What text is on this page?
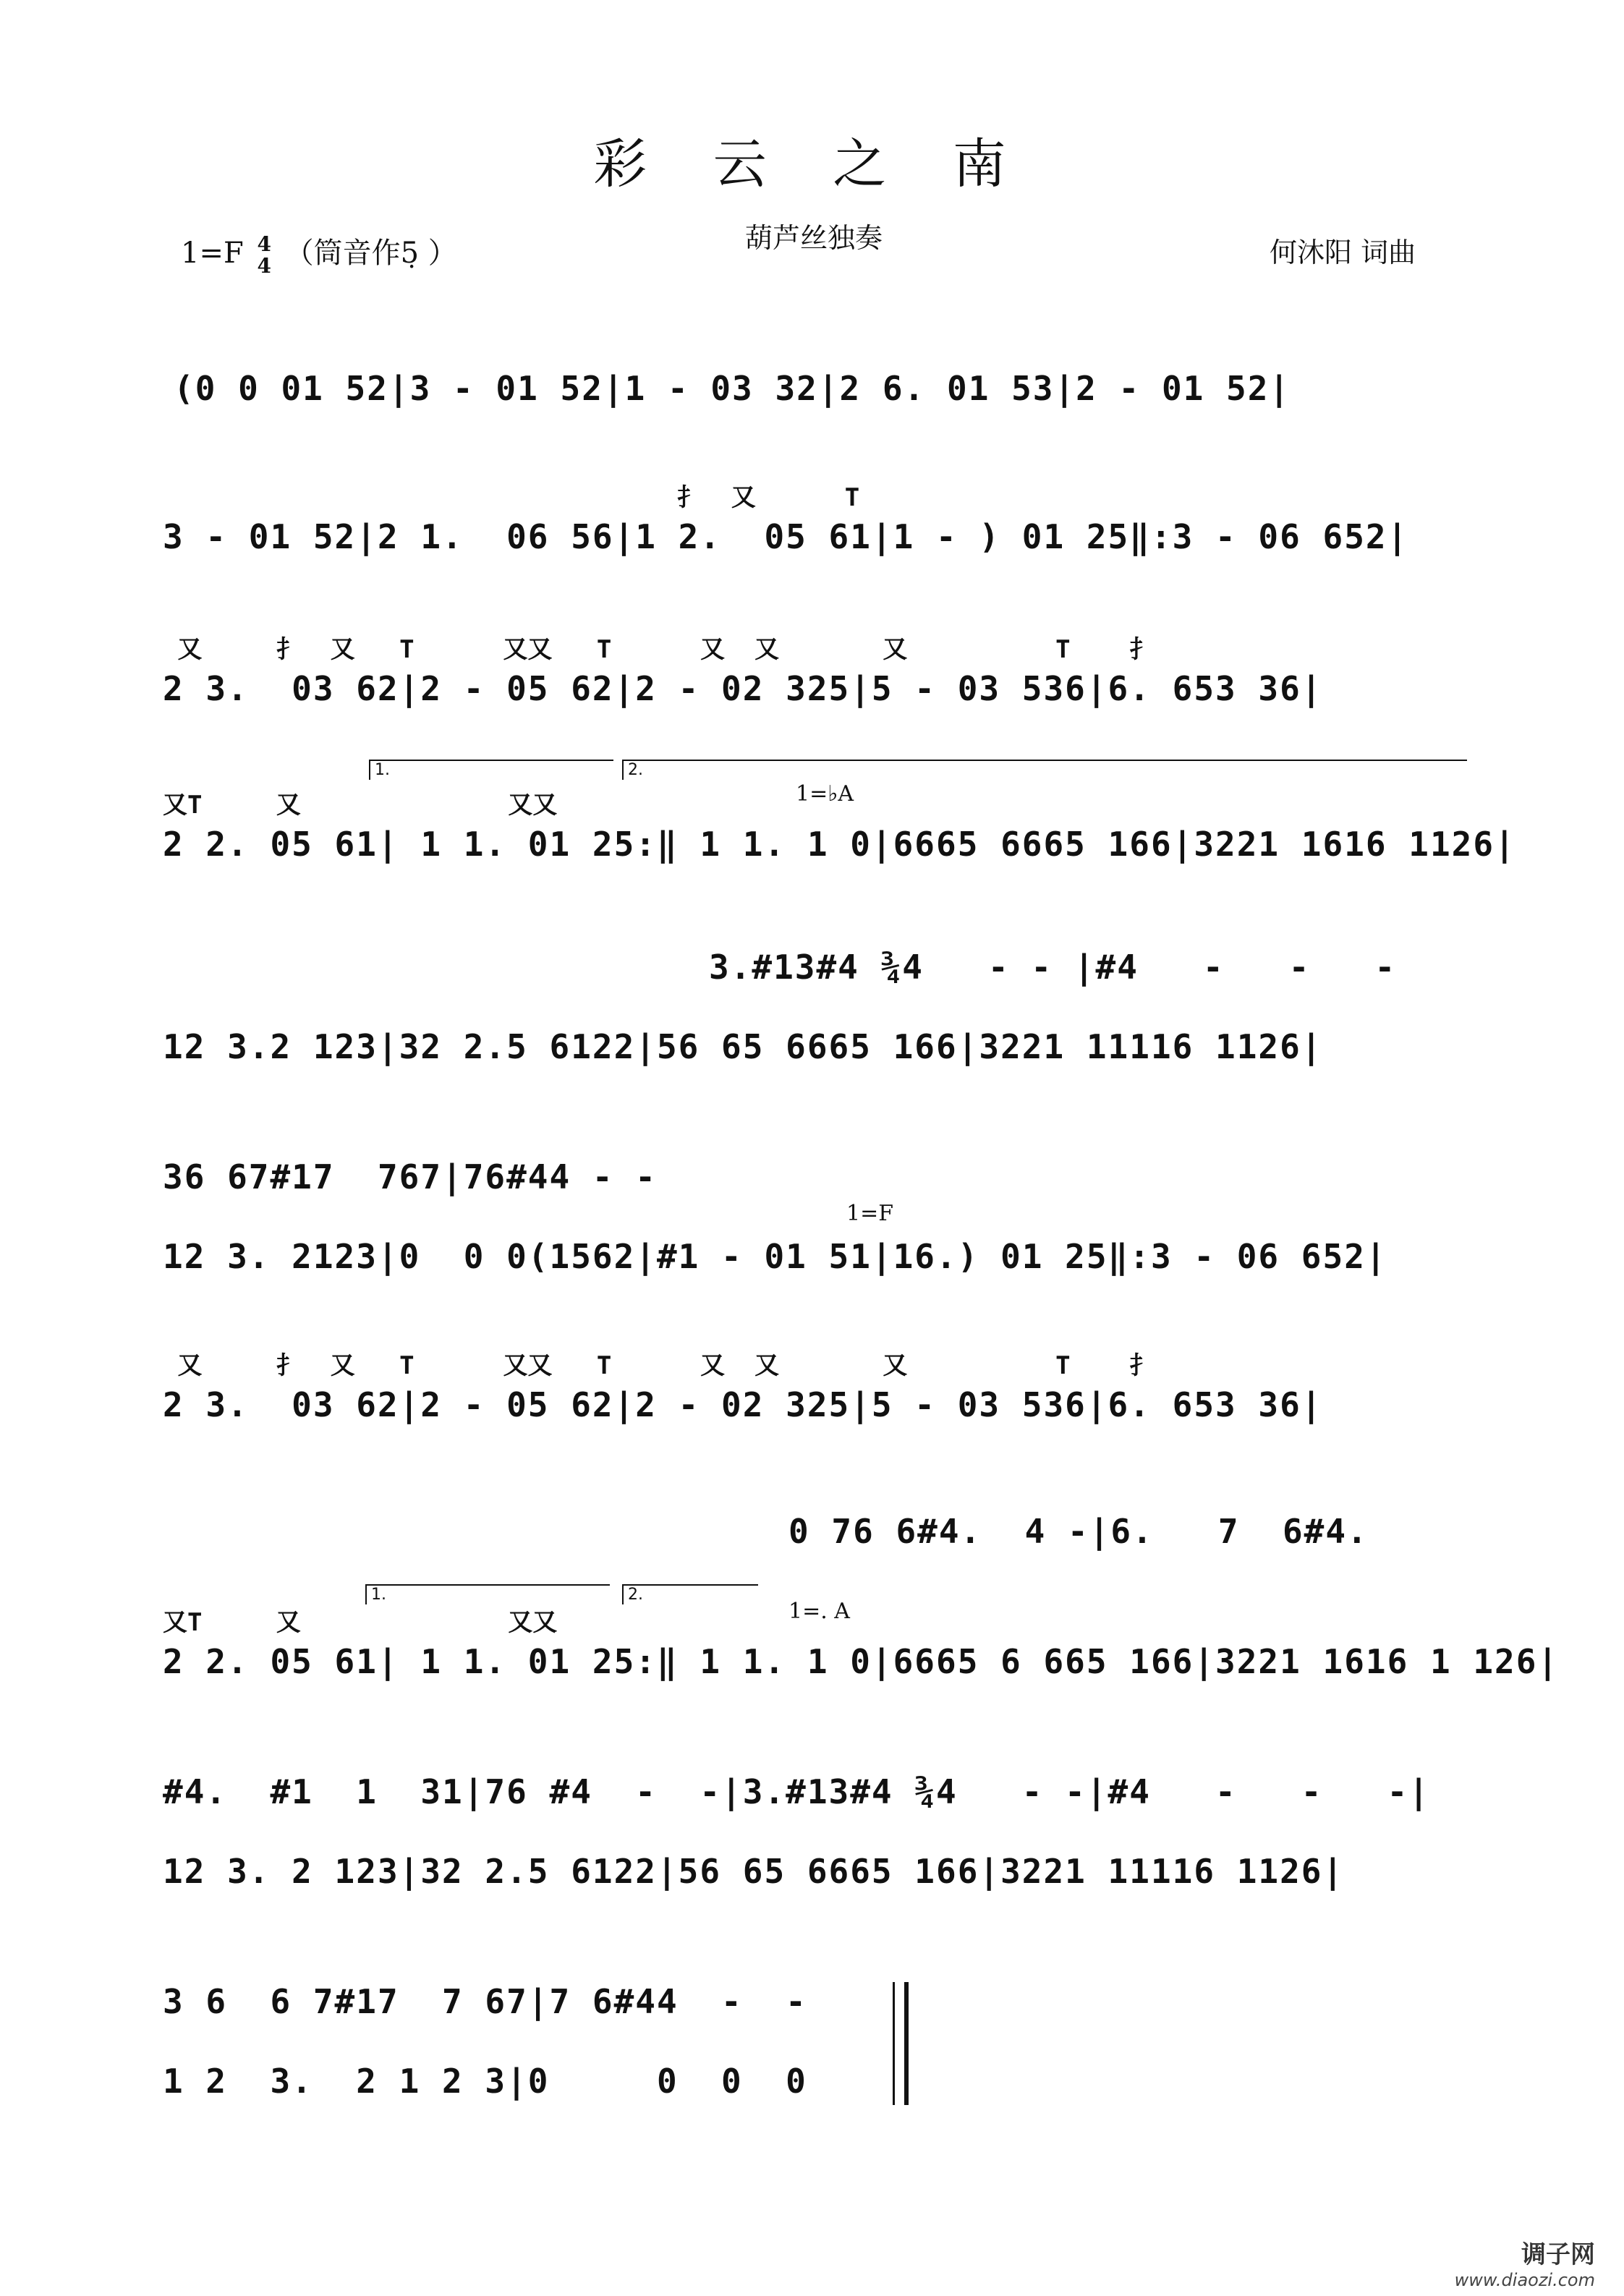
彩 云 之 南
1=F 4
4 （筒音作5̣ ）	葫芦丝独奏	何沐阳 词曲
(0 0 01 52|3 - 01 52|1 - 03 32|2 6. 01 53|2 - 01 52|
扌  又      T
3 - 01 52|2 1.  06 56|1 2.  05 61|1 - ) 01 25‖:3 - 06 652|
又     扌  又   T      又又   T      又  又       又          T    扌
2 3.  03 62|2 - 05 62|2 - 02 325|5 - 03 536|6. 653 36|
1.	2.
1=♭A
又T     又              又又
2 2. 05 61| 1 1. 01 25:‖ 1 1. 1 0|6665 6665 166|3221 1616 1126|
3.#13#4 ¾4   - - |#4   -   -   -
12 3.2 123|32 2.5 6122|56 65 6665 166|3221 11116 1126|
1=F
36 67#17  767|76#44 - -
12 3. 2123|0  0 0(1562|#1 - 01 51|16.) 01 25‖:3 - 06 652|
又     扌  又   T      又又   T      又  又       又          T    扌
2 3.  03 62|2 - 05 62|2 - 02 325|5 - 03 536|6. 653 36|
0 76 6#4.  4 -|6.   7  6#4.
1.	2.
1=. A
又T     又              又又
2 2. 05 61| 1 1. 01 25:‖ 1 1. 1 0|6665 6 665 166|3221 1616 1 126|
#4.  #1  1  31|76 #4  -  -|3.#13#4 ¾4   - -|#4   -   -   -|
12 3. 2 123|32 2.5 6122|56 65 6665 166|3221 11116 1126|
3 6  6 7#17  7 67|7 6#44  -  -
1 2  3.  2 1 2 3|0     0  0  0
调子网
www.diaozi.com
